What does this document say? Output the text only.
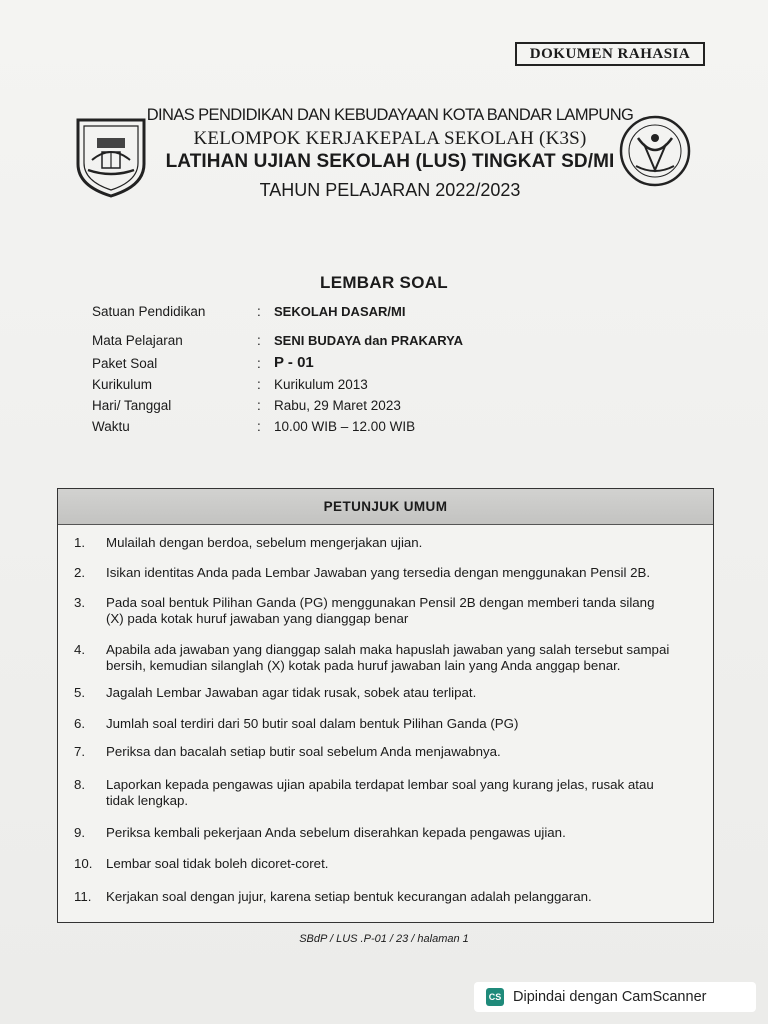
DOKUMEN RAHASIA
DINAS PENDIDIKAN DAN KEBUDAYAAN KOTA BANDAR LAMPUNG
KELOMPOK KERJAKEPALA SEKOLAH (K3S)
LATIHAN UJIAN SEKOLAH (LUS) TINGKAT SD/MI
TAHUN PELAJARAN 2022/2023
LEMBAR SOAL
Satuan Pendidikan	: SEKOLAH DASAR/MI
Mata Pelajaran	: SENI BUDAYA dan PRAKARYA
Paket Soal	: P - 01
Kurikulum	: Kurikulum 2013
Hari/ Tanggal	: Rabu, 29 Maret 2023
Waktu	: 10.00 WIB – 12.00 WIB
PETUNJUK UMUM
1.	Mulailah dengan berdoa, sebelum mengerjakan ujian.
2.	Isikan identitas Anda pada Lembar Jawaban yang tersedia dengan menggunakan Pensil 2B.
3.	Pada soal bentuk Pilihan Ganda (PG) menggunakan Pensil 2B dengan memberi tanda silang
(X) pada kotak huruf jawaban yang dianggap benar
4.	Apabila ada jawaban yang dianggap salah maka hapuslah jawaban yang salah tersebut sampai
bersih, kemudian silanglah (X) kotak pada huruf jawaban lain yang Anda anggap benar.
5.	Jagalah Lembar Jawaban agar tidak rusak, sobek atau terlipat.
6.	Jumlah soal terdiri dari 50 butir soal dalam bentuk Pilihan Ganda (PG)
7.	Periksa dan bacalah setiap butir soal sebelum Anda menjawabnya.
8.	Laporkan kepada pengawas ujian apabila terdapat lembar soal yang kurang jelas, rusak atau
tidak lengkap.
9.	Periksa kembali pekerjaan Anda sebelum diserahkan kepada pengawas ujian.
10.	Lembar soal tidak boleh dicoret-coret.
11.	Kerjakan soal dengan jujur, karena setiap bentuk kecurangan adalah pelanggaran.
SBdP / LUS .P-01 / 23 / halaman 1
CS Dipindai dengan CamScanner
